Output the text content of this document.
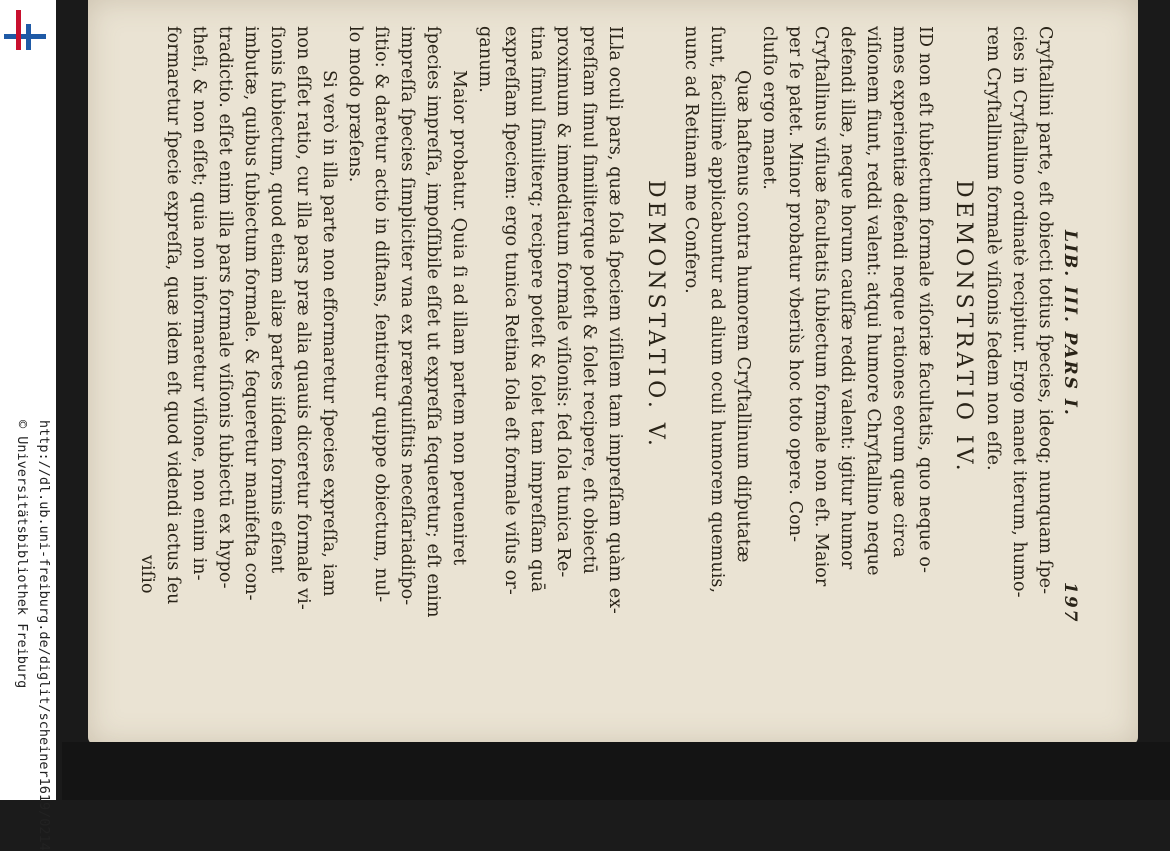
http://dl.ub.uni-freiburg.de/diglit/scheiner1619/0214
© Universitätsbibliothek Freiburg
LIB. III. PARS I.
197
Cryſtallini parte, eſt obiecti totius ſpecies, ideoq; nunquam ſpe-
cies in Cryſtallino ordinatè recipitur. Ergo manet iterum, humo-
rem Cryſtallinum formalè viſionis ſedem non eſſe.
DEMONSTRATIO IV.
ID non eſt ſubiectum formale viſoriæ facultatis, quo neque o-
mnes experientiæ defendi neque rationes eorum quæ circa
viſionem fiunt, reddi valent: atqui humore Chryſtallino neque
defendi illæ, neque horum cauſſæ reddi valent: igitur humor
Cryſtallinus viſiuæ facultatis ſubiectum formale non eſt. Maior
per ſe patet. Minor probatur vberiùs hoc toto opere. Con-
cluſio ergo manet.
Quæ haſtenus contra humorem Cryſtallinum diſputatæ
ſunt, facillimè applicabuntur ad alium oculi humorem quemuis,
nunc ad Retinam me Confero.
DEMONSTATIO. V.
ILla oculi pars, quæ ſola ſpeciem viſilem tam impreſſam quàm ex-
preſſam ſimul ſimiliterque poteſt & ſolet recipere, eſt obiectū
proximum & immediatum formale viſionis: ſed ſola tunica Re-
tina ſimul ſimiliterq; recipere poteſt & ſolet tam impreſſam quā
expreſſam ſpeciem: ergo tunica Retina ſola eſt formale viſus or-
ganum.
Maior probatur. Quia ſi ad illam partem non perueniret
ſpecies impreſſa, impoſſibile eſſet ut expreſſa ſequeretur; eſt enim
impreſſa ſpecies ſimpliciter vna ex prærequiſitis neceſſariadiſpo-
ſitio: & daretur actio in diſtans, ſentiretur quippe obiectum, nul-
lo modo præſens.
Si verò in illa parte non efformaretur ſpecies expreſſa, iam
non eſſet ratio, cur illa pars præ alia quauis diceretur formale vi-
ſionis ſubiectum, quod etiam aliæ partes iiſdem formis eſſent
imbutæ, quibus ſubiectum formale. & ſequeretur manifeſta con-
tradictio. eſſet enim illa pars formale viſionis ſubiectū ex hypo-
theſi, & non eſſet; quia non informaretur viſione, non enim in-
formaretur ſpecie expreſſa, quæ idem eſt quod videndi actus ſeu
viſio
